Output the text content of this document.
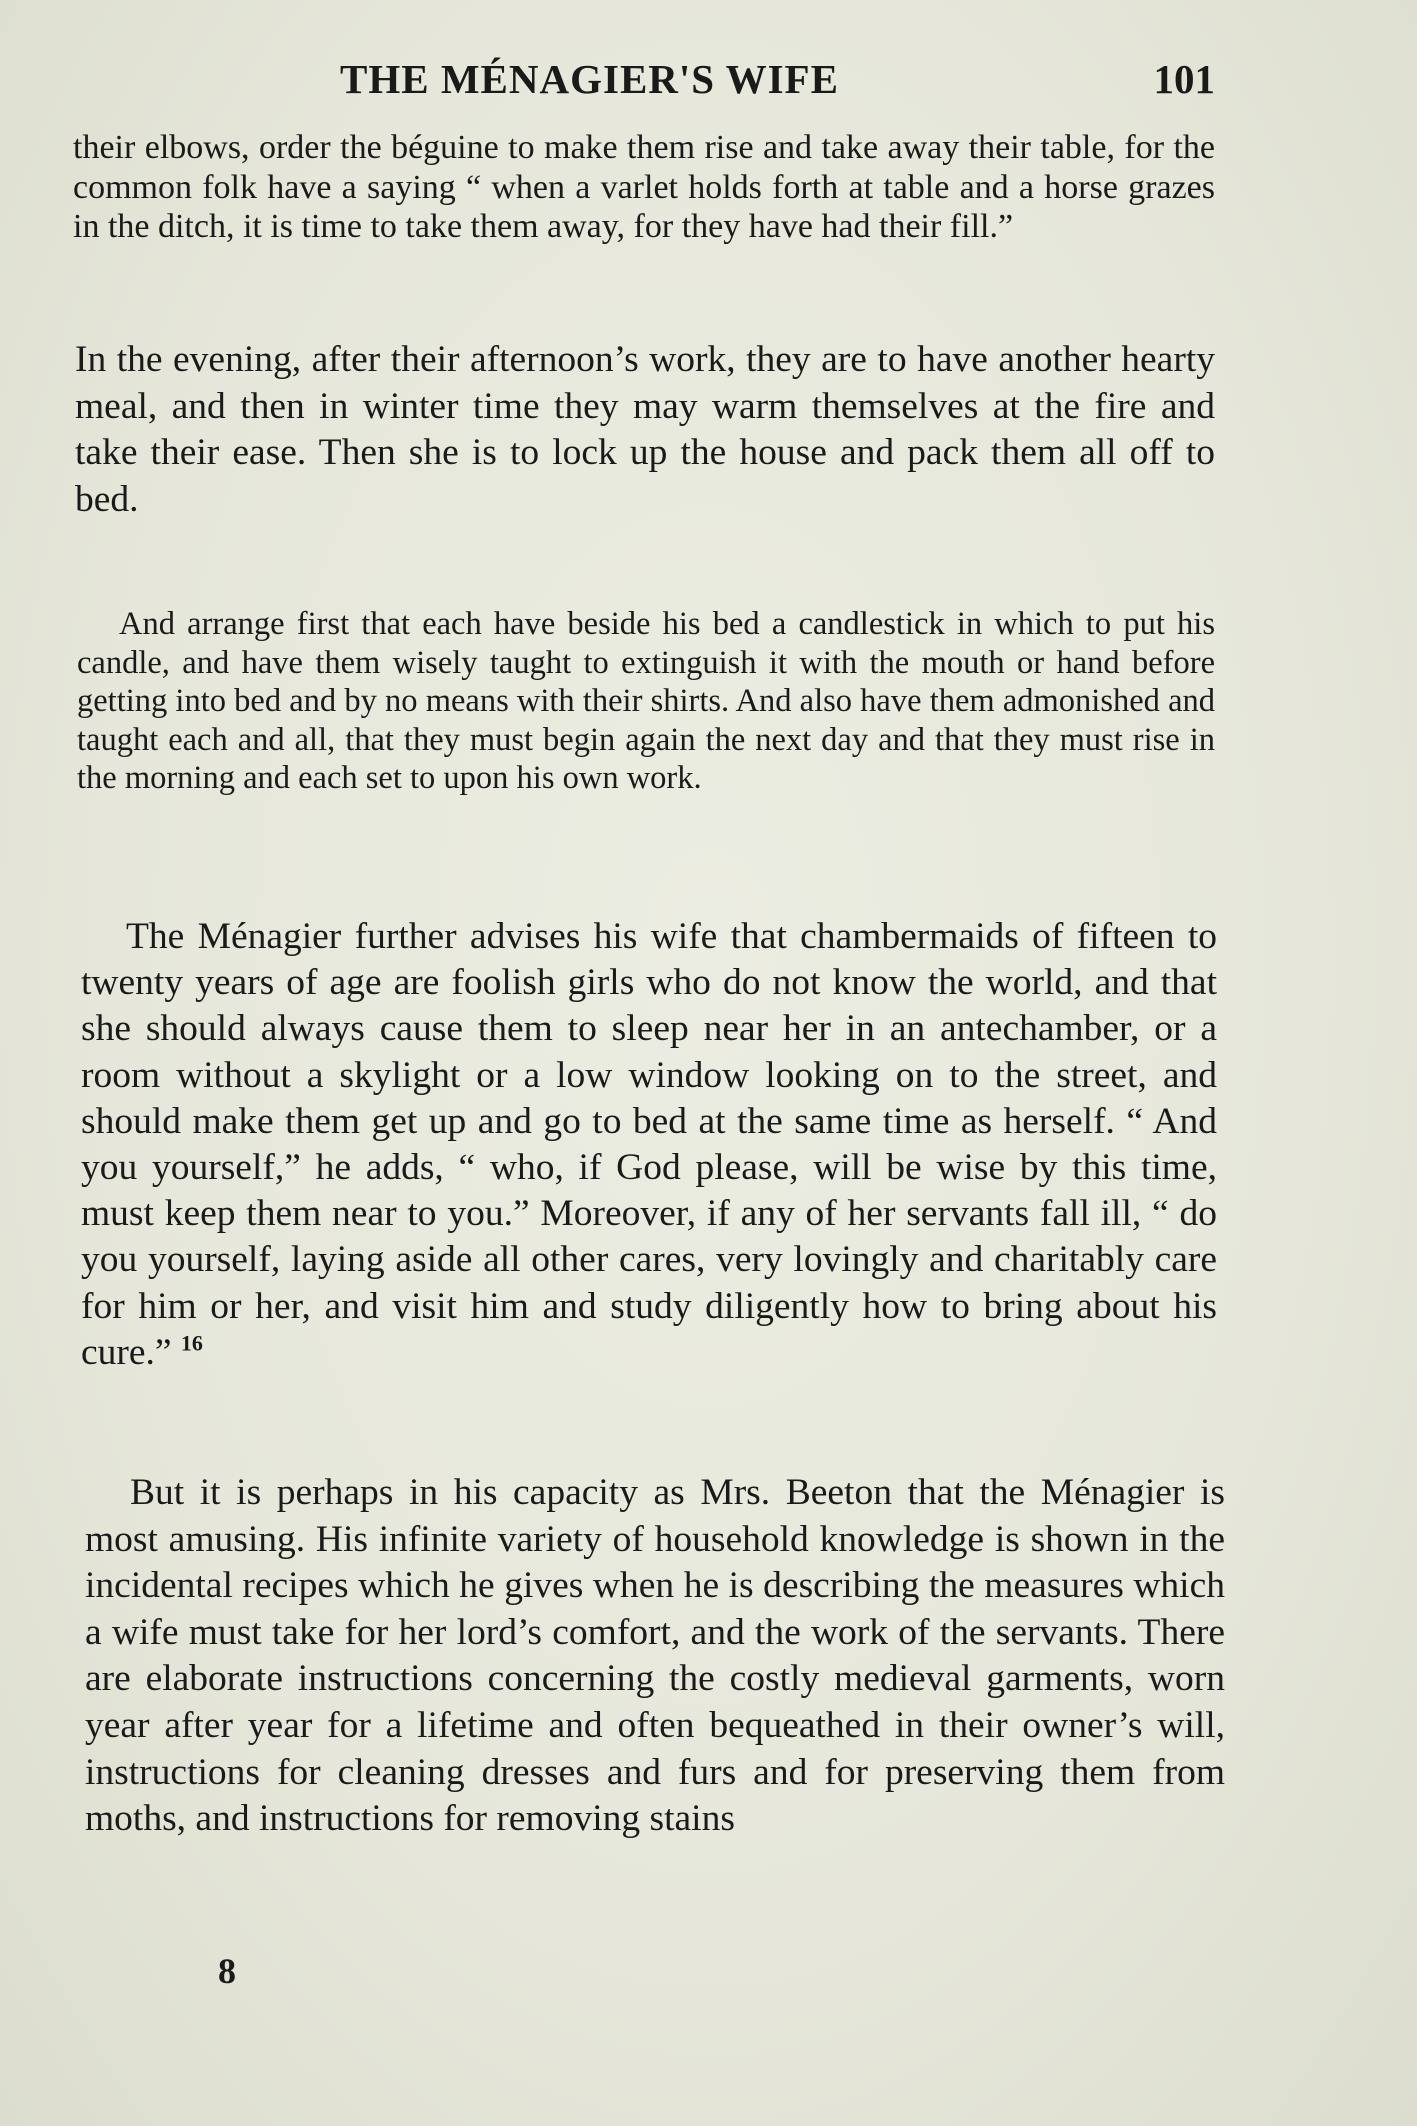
THE MÉNAGIER'S WIFE	101

their elbows, order the béguine to make them rise and take away their table, for the common folk have a saying “ when a varlet holds forth at table and a horse grazes in the ditch, it is time to take them away, for they have had their fill.”

In the evening, after their afternoon’s work, they are to have another hearty meal, and then in winter time they may warm themselves at the fire and take their ease. Then she is to lock up the house and pack them all off to bed.

And arrange first that each have beside his bed a candlestick in which to put his candle, and have them wisely taught to extinguish it with the mouth or hand before getting into bed and by no means with their shirts. And also have them admonished and taught each and all, that they must begin again the next day and that they must rise in the morning and each set to upon his own work.

The Ménagier further advises his wife that chambermaids of fifteen to twenty years of age are foolish girls who do not know the world, and that she should always cause them to sleep near her in an antechamber, or a room without a skylight or a low window looking on to the street, and should make them get up and go to bed at the same time as herself. “ And you yourself,” he adds, “ who, if God please, will be wise by this time, must keep them near to you.” Moreover, if any of her servants fall ill, “ do you yourself, laying aside all other cares, very lovingly and charitably care for him or her, and visit him and study diligently how to bring about his cure.” $^{16}$

But it is perhaps in his capacity as Mrs. Beeton that the Ménagier is most amusing. His infinite variety of household knowledge is shown in the incidental recipes which he gives when he is describing the measures which a wife must take for her lord’s comfort, and the work of the servants. There are elaborate instructions concerning the costly medieval garments, worn year after year for a lifetime and often bequeathed in their owner’s will, instructions for cleaning dresses and furs and for preserving them from moths, and instructions for removing stains

8
